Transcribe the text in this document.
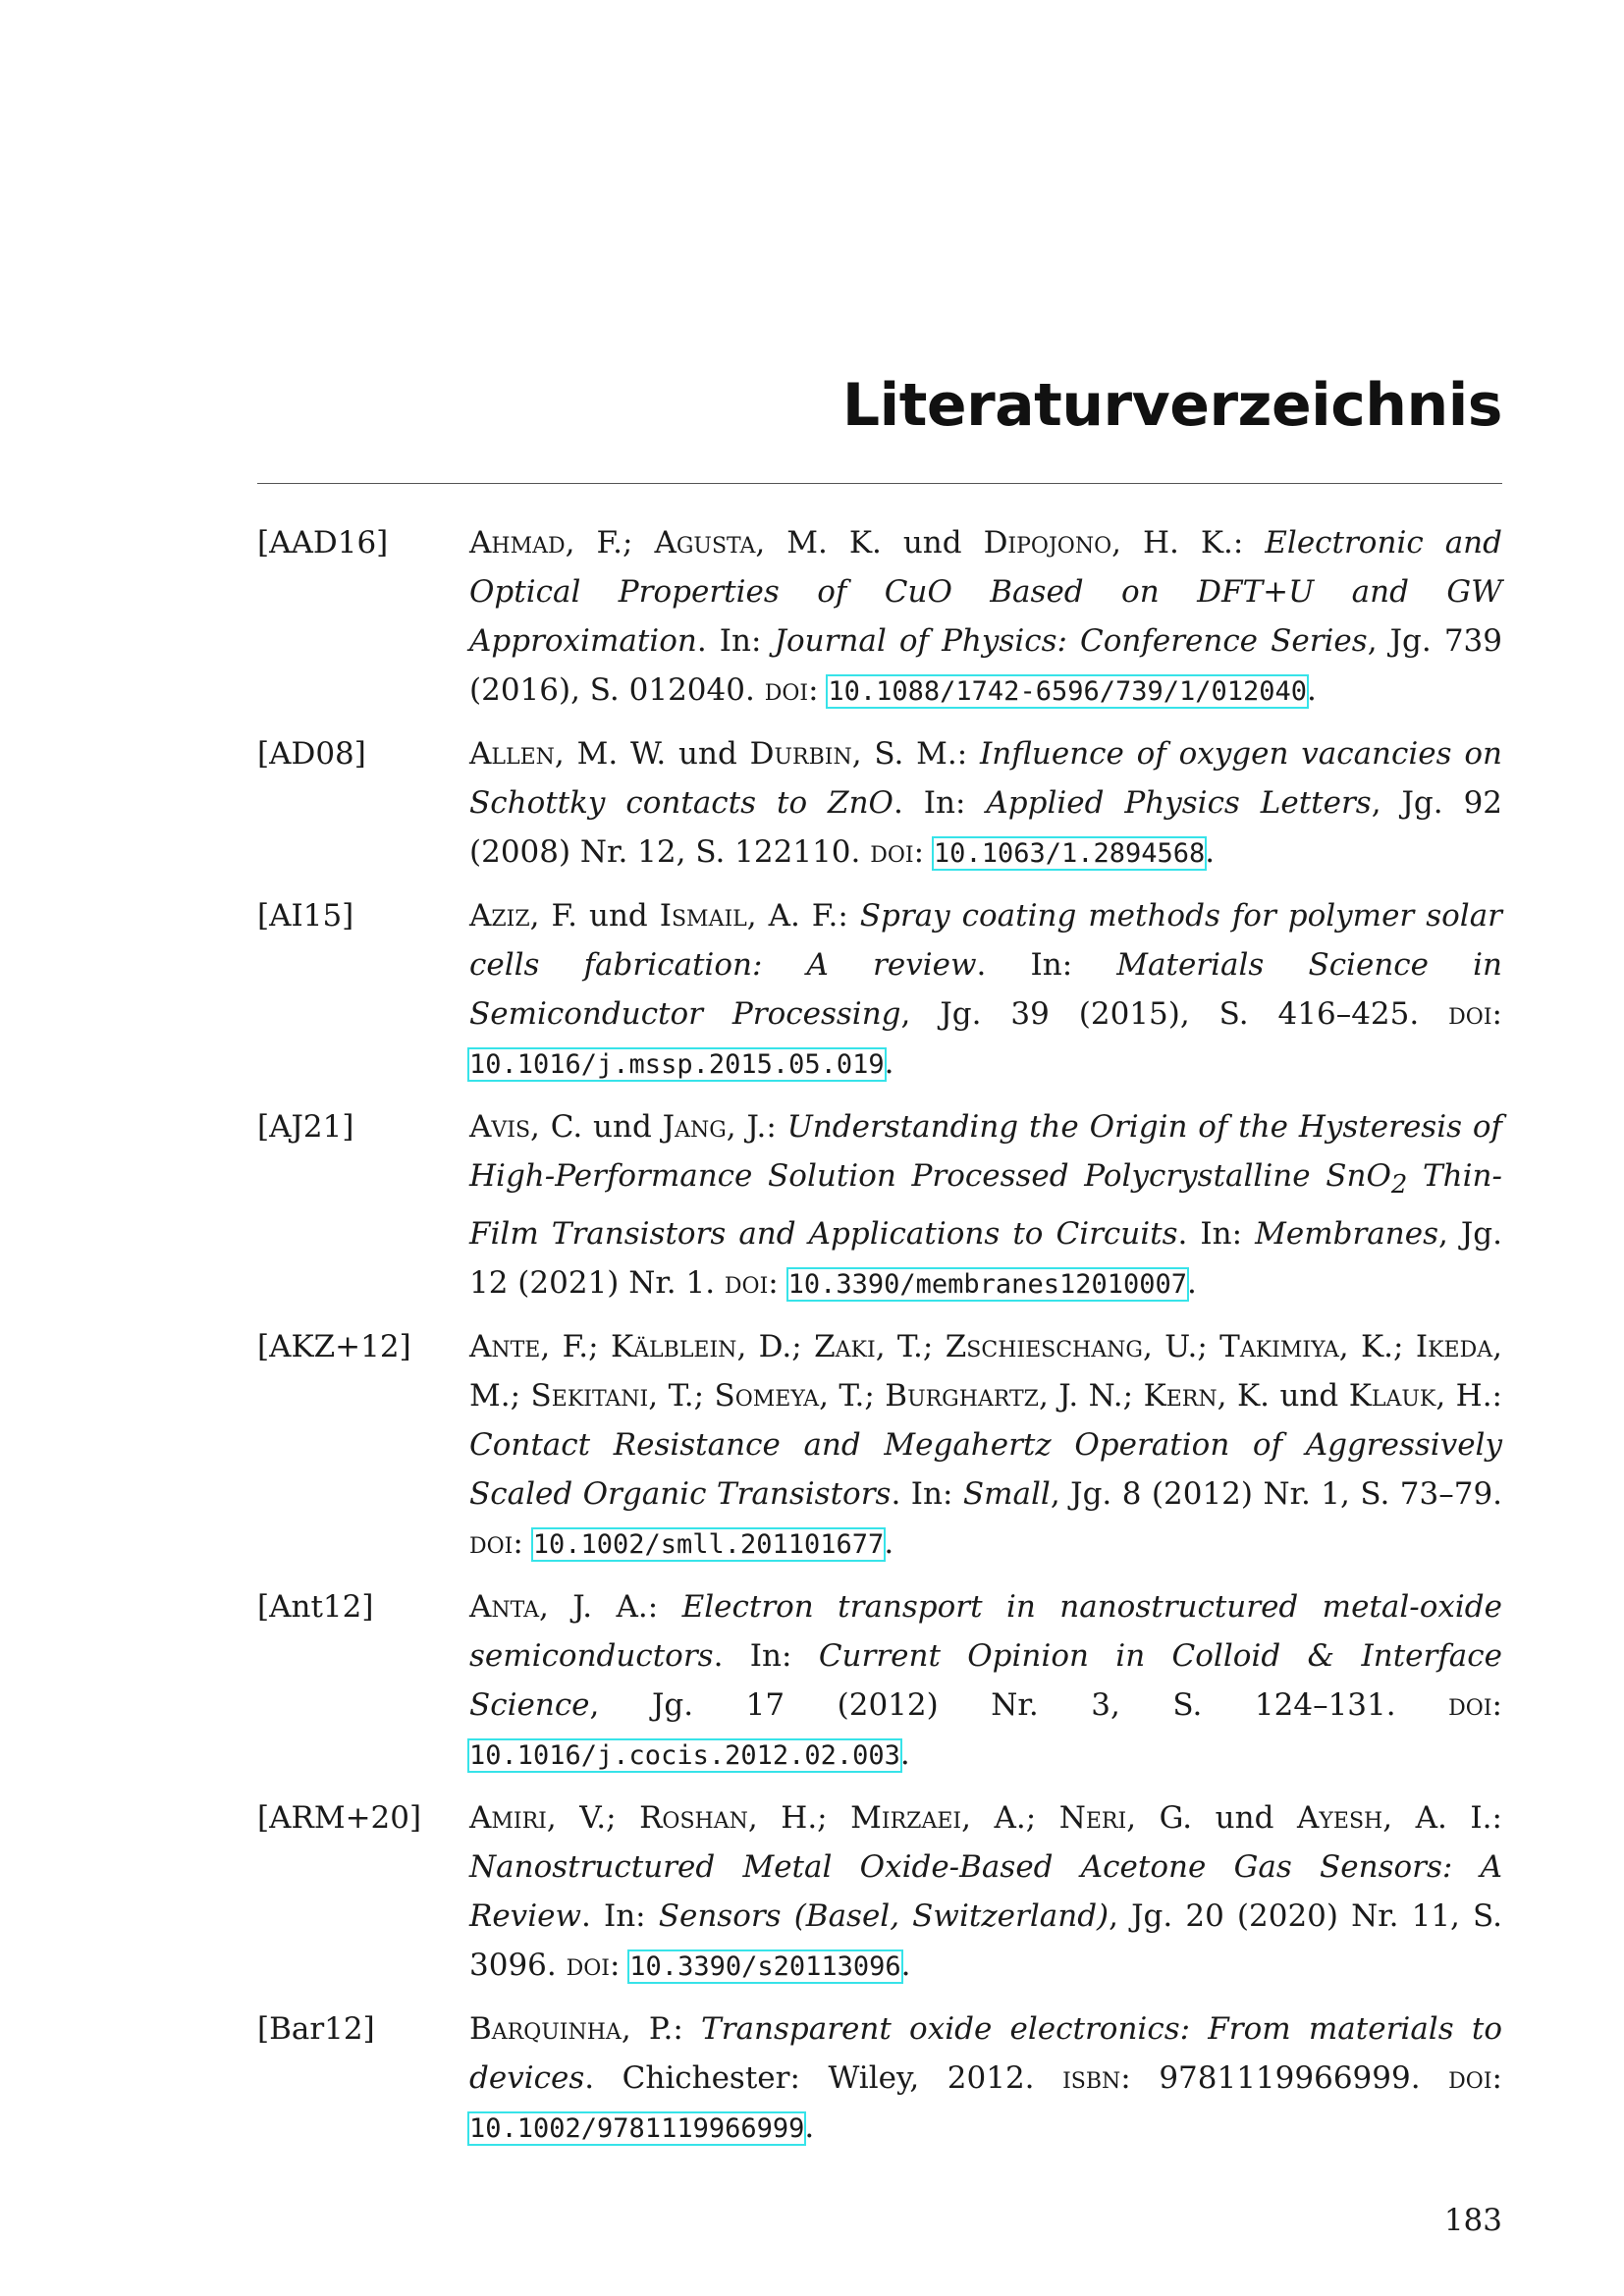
Literaturverzeichnis
[AAD16]	Ahmad, F.; Agusta, M. K. und Dipojono, H. K.: Electronic and Optical Properties of CuO Based on DFT+U and GW Approximation. In: Journal of Physics: Conference Series, Jg. 739 (2016), S. 012040. doi: 10.1088/1742-6596/739/1/012040.
[AD08]	Allen, M. W. und Durbin, S. M.: Influence of oxygen vacancies on Schottky contacts to ZnO. In: Applied Physics Letters, Jg. 92 (2008) Nr. 12, S. 122110. doi: 10.1063/1.2894568.
[AI15]	Aziz, F. und Ismail, A. F.: Spray coating methods for polymer solar cells fabrication: A review. In: Materials Science in Semiconductor Processing, Jg. 39 (2015), S. 416–425. doi: 10.1016/j.mssp.2015.05.019.
[AJ21]	Avis, C. und Jang, J.: Understanding the Origin of the Hysteresis of High-Performance Solution Processed Polycrystalline SnO$_2$ Thin-Film Transistors and Applications to Circuits. In: Membranes, Jg. 12 (2021) Nr. 1. doi: 10.3390/membranes12010007.
[AKZ+12]	Ante, F.; Kälblein, D.; Zaki, T.; Zschieschang, U.; Takimiya, K.; Ikeda, M.; Sekitani, T.; Someya, T.; Burghartz, J. N.; Kern, K. und Klauk, H.: Contact Resistance and Megahertz Operation of Aggressively Scaled Organic Transistors. In: Small, Jg. 8 (2012) Nr. 1, S. 73–79. doi: 10.1002/smll.201101677.
[Ant12]	Anta, J. A.: Electron transport in nanostructured metal-oxide semiconductors. In: Current Opinion in Colloid & Interface Science, Jg. 17 (2012) Nr. 3, S. 124–131. doi: 10.1016/j.cocis.2012.02.003.
[ARM+20]	Amiri, V.; Roshan, H.; Mirzaei, A.; Neri, G. und Ayesh, A. I.: Nanostructured Metal Oxide-Based Acetone Gas Sensors: A Review. In: Sensors (Basel, Switzerland), Jg. 20 (2020) Nr. 11, S. 3096. doi: 10.3390/s20113096.
[Bar12]	Barquinha, P.: Transparent oxide electronics: From materials to devices. Chichester: Wiley, 2012. isbn: 9781119966999. doi: 10.1002/9781119966999.
183
